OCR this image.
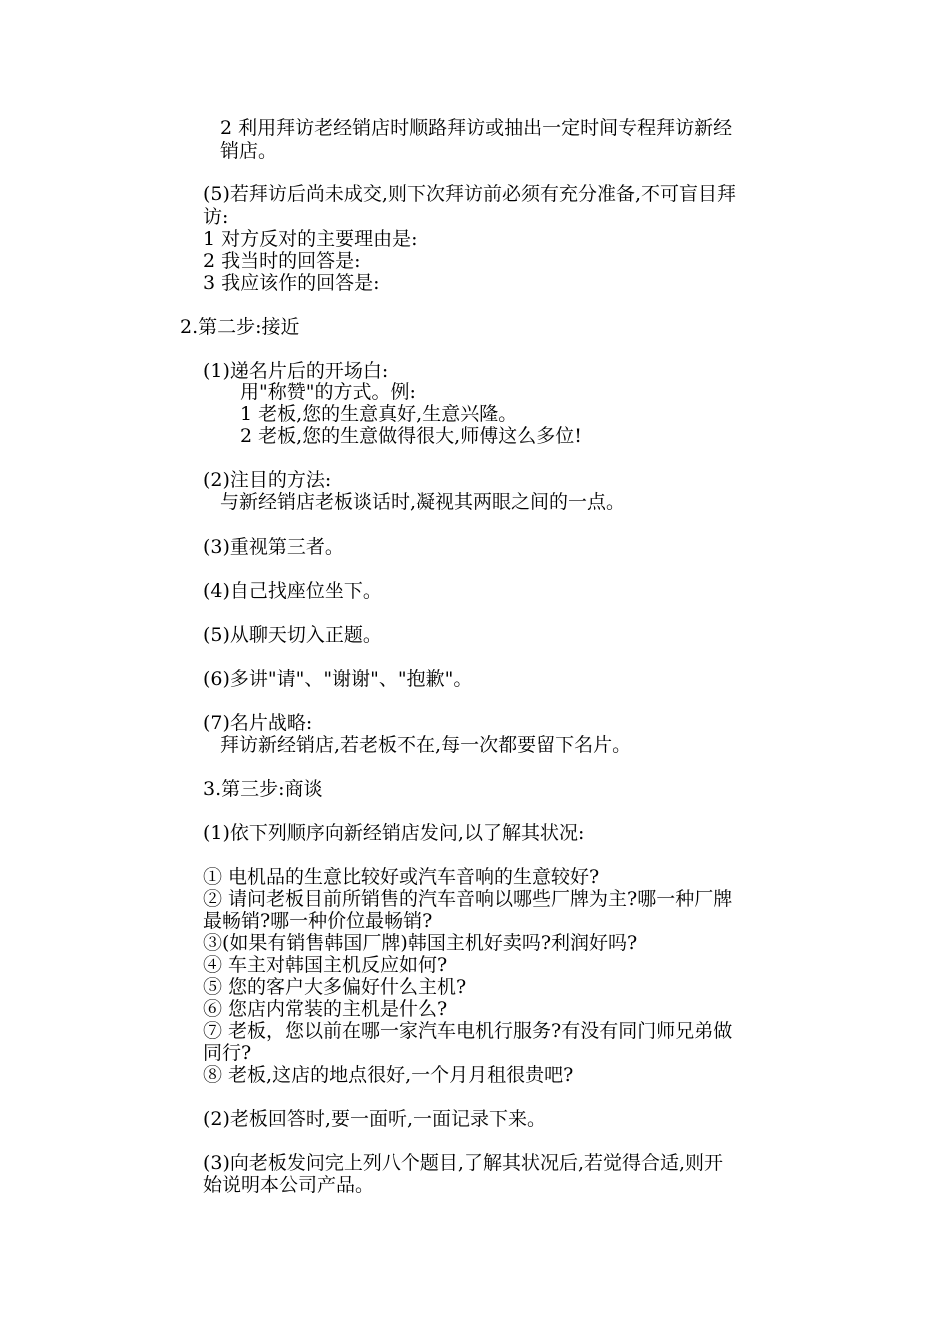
2 利用拜访老经销店时顺路拜访或抽出一定时间专程拜访新经
销店。
(5)若拜访后尚未成交,则下次拜访前必须有充分准备,不可盲目拜
访:
1 对方反对的主要理由是:
2 我当时的回答是:
3 我应该作的回答是:
2.第二步:接近
(1)递名片后的开场白:
用"称赞"的方式。例:
1 老板,您的生意真好,生意兴隆。
2 老板,您的生意做得很大,师傅这么多位!
(2)注目的方法:
与新经销店老板谈话时,凝视其两眼之间的一点。
(3)重视第三者。
(4)自己找座位坐下。
(5)从聊天切入正题。
(6)多讲"请"、"谢谢"、"抱歉"。
(7)名片战略:
拜访新经销店,若老板不在,每一次都要留下名片。
3.第三步:商谈
(1)依下列顺序向新经销店发问,以了解其状况:
① 电机品的生意比较好或汽车音响的生意较好?
② 请问老板目前所销售的汽车音响以哪些厂牌为主?哪一种厂牌
最畅销?哪一种价位最畅销?
③(如果有销售韩国厂牌)韩国主机好卖吗?利润好吗?
④ 车主对韩国主机反应如何?
⑤ 您的客户大多偏好什么主机?
⑥ 您店内常装的主机是什么?
⑦ 老板，您以前在哪一家汽车电机行服务?有没有同门师兄弟做
同行?
⑧ 老板,这店的地点很好,一个月月租很贵吧?
(2)老板回答时,要一面听,一面记录下来。
(3)向老板发问完上列八个题目,了解其状况后,若觉得合适,则开
始说明本公司产品。
